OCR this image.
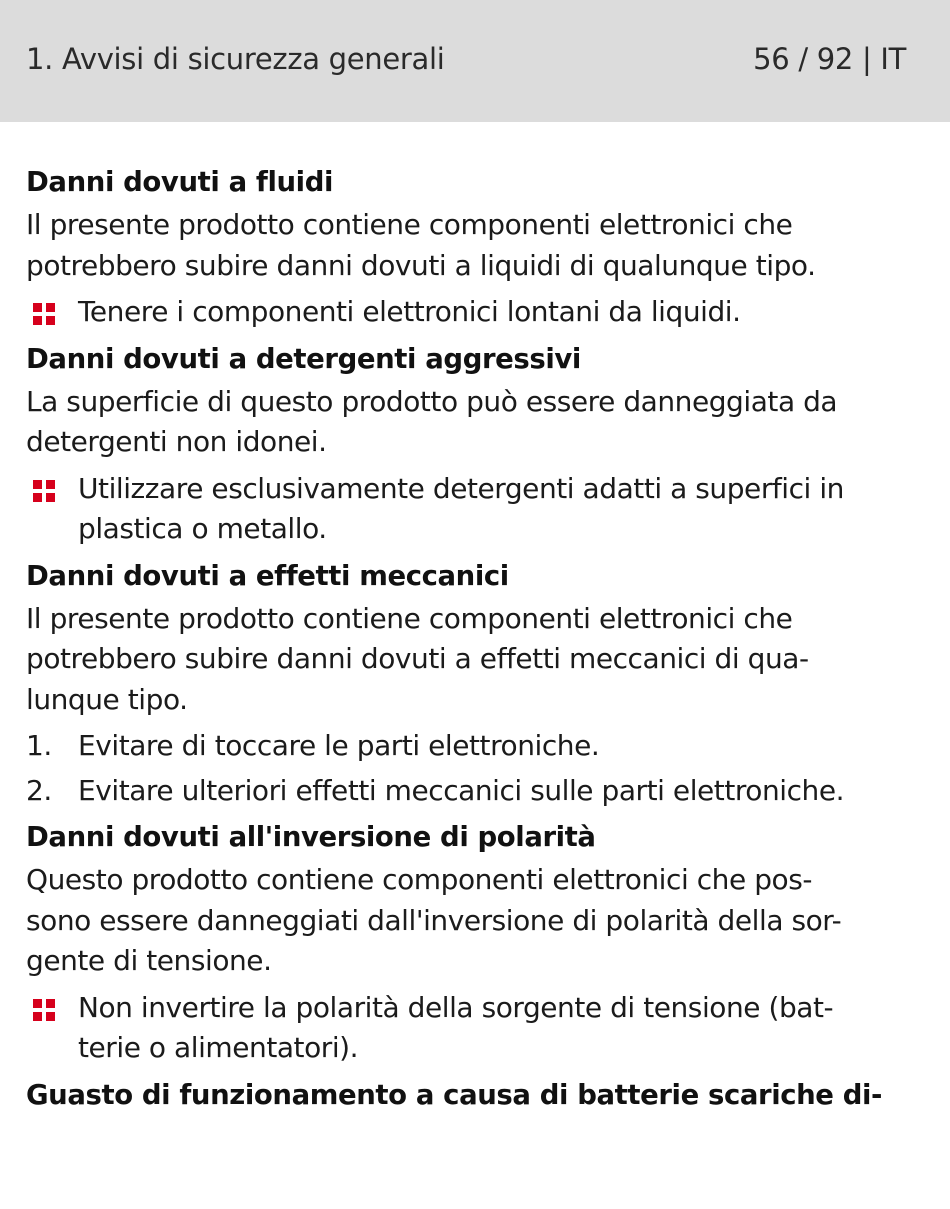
1. Avvisi di sicurezza generali	56 / 92 | IT
Danni dovuti a fluidi
Il presente prodotto contiene componenti elettronici che potrebbero subire danni dovuti a liquidi di qualunque tipo.
Tenere i componenti elettronici lontani da liquidi.
Danni dovuti a detergenti aggressivi
La superficie di questo prodotto può essere danneggiata da detergenti non idonei.
Utilizzare esclusivamente detergenti adatti a superfici in plastica o metallo.
Danni dovuti a effetti meccanici
Il presente prodotto contiene componenti elettronici che
potrebbero subire danni dovuti a effetti meccanici di qua-
lunque tipo.
1. Evitare di toccare le parti elettroniche.
2. Evitare ulteriori effetti meccanici sulle parti elettroniche.
Danni dovuti all'inversione di polarità
Questo prodotto contiene componenti elettronici che pos-
sono essere danneggiati dall'inversione di polarità della sor-
gente di tensione.
Non invertire la polarità della sorgente di tensione (bat-
terie o alimentatori).
Guasto di funzionamento a causa di batterie scariche di-
